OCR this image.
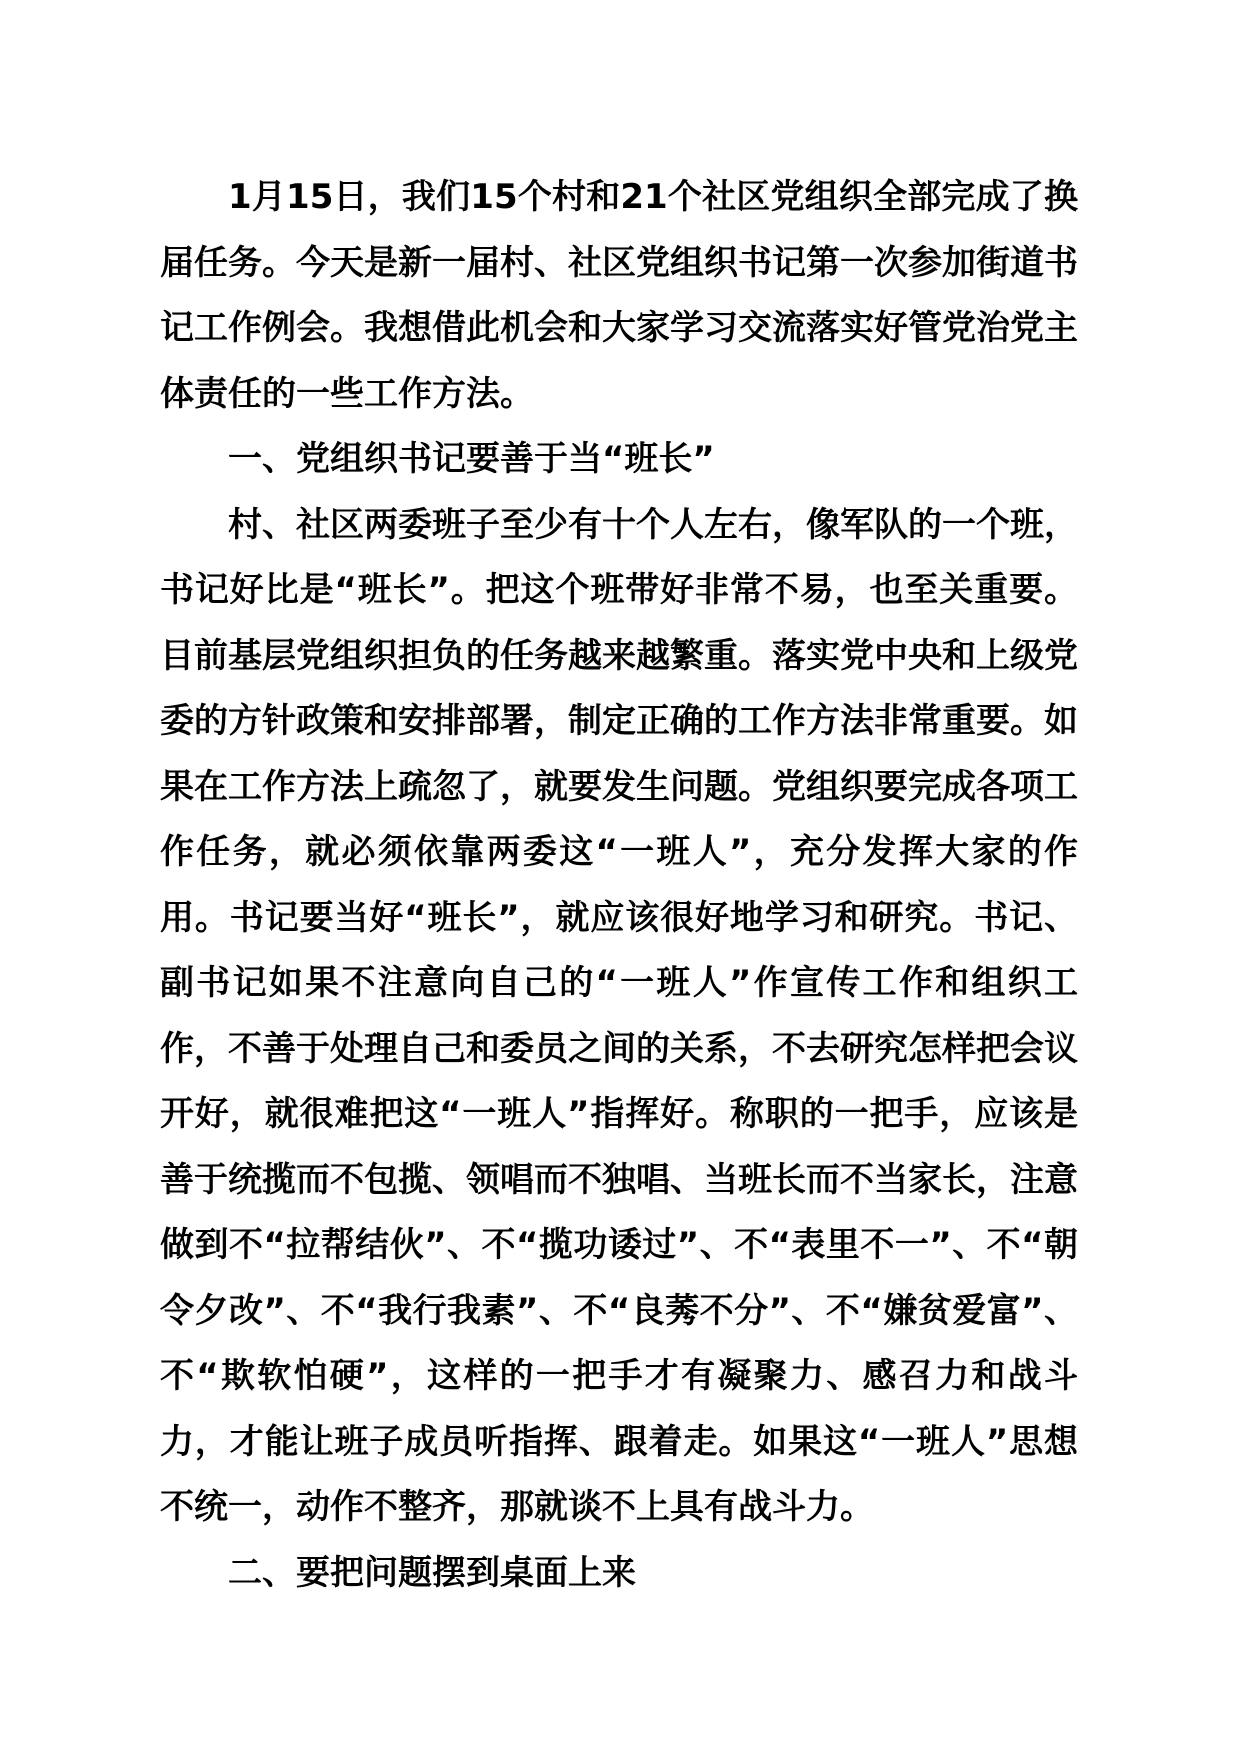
1月15日，我们15个村和21个社区党组织全部完成了换届任务。今天是新一届村、社区党组织书记第一次参加街道书记工作例会。我想借此机会和大家学习交流落实好管党治党主体责任的一些工作方法。

一、党组织书记要善于当“班长”

村、社区两委班子至少有十个人左右，像军队的一个班，书记好比是“班长”。把这个班带好非常不易，也至关重要。目前基层党组织担负的任务越来越繁重。落实党中央和上级党委的方针政策和安排部署，制定正确的工作方法非常重要。如果在工作方法上疏忽了，就要发生问题。党组织要完成各项工作任务，就必须依靠两委这“一班人”，充分发挥大家的作用。书记要当好“班长”，就应该很好地学习和研究。书记、副书记如果不注意向自己的“一班人”作宣传工作和组织工作，不善于处理自己和委员之间的关系，不去研究怎样把会议开好，就很难把这“一班人”指挥好。称职的一把手，应该是善于统揽而不包揽、领唱而不独唱、当班长而不当家长，注意做到不“拉帮结伙”、不“揽功诿过”、不“表里不一”、不“朝令夕改”、不“我行我素”、不“良莠不分”、不“嫌贫爱富”、不“欺软怕硬”，这样的一把手才有凝聚力、感召力和战斗力，才能让班子成员听指挥、跟着走。如果这“一班人”思想不统一，动作不整齐，那就谈不上具有战斗力。

二、要把问题摆到桌面上来
